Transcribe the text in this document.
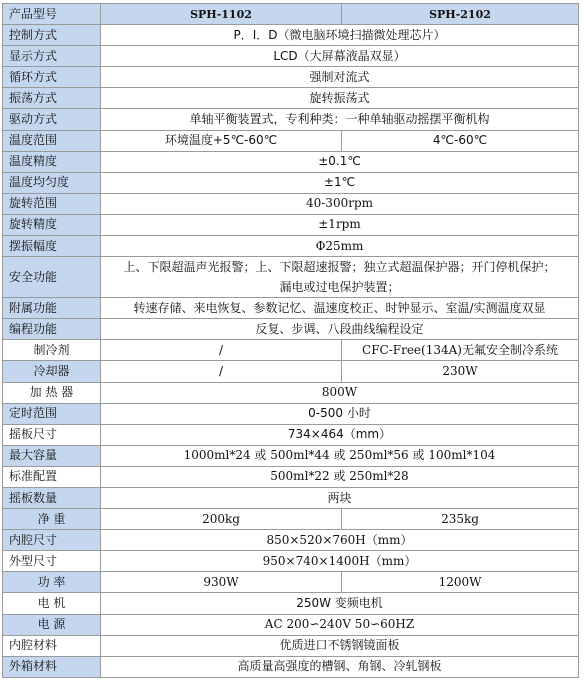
产品型号	SPH-1102	SPH-2102
控制方式	P．I．D（微电脑环境扫描微处理芯片）	
显示方式	LCD（大屏幕液晶双显）	
循环方式	强制对流式	
振荡方式	旋转振荡式	
驱动方式	单轴平衡装置式，专利种类：一种单轴驱动摇摆平衡机构	
温度范围	环境温度+5℃-60℃	4℃-60℃
温度精度	±0.1℃	
温度均匀度	±1℃	
旋转范围	40-300rpm	
旋转精度	±1rpm	
摆振幅度	Φ25mm	
安全功能	上、下限超温声光报警；上、下限超速报警；独立式超温保护器；开门停机保护；
漏电或过电保护装置；	

附属功能	转速存储、来电恢复、参数记忆、温速度校正、时钟显示、室温/实测温度双显	
编程功能	反复、步调、八段曲线编程设定	
制冷剂	/	CFC-Free(134A)无氟安全制冷系统
冷却器	/	230W
加 热 器	800W	
定时范围	0-500 小时	
摇板尺寸	734×464（mm）	
最大容量	1000ml*24 或 500ml*44 或 250ml*56 或 100ml*104	
标准配置	500ml*22 或 250ml*28	
摇板数量	两块	
净 重	200kg	235kg
内腔尺寸	850×520×760H（mm）	
外型尺寸	950×740×1400H（mm）	
功 率	930W	1200W
电 机	250W 变频电机	
电 源	AC 200∽240V 50∽60HZ	
内腔材料	优质进口不锈钢镜面板	
外箱材料	高质量高强度的槽钢、角钢、冷轧钢板	
